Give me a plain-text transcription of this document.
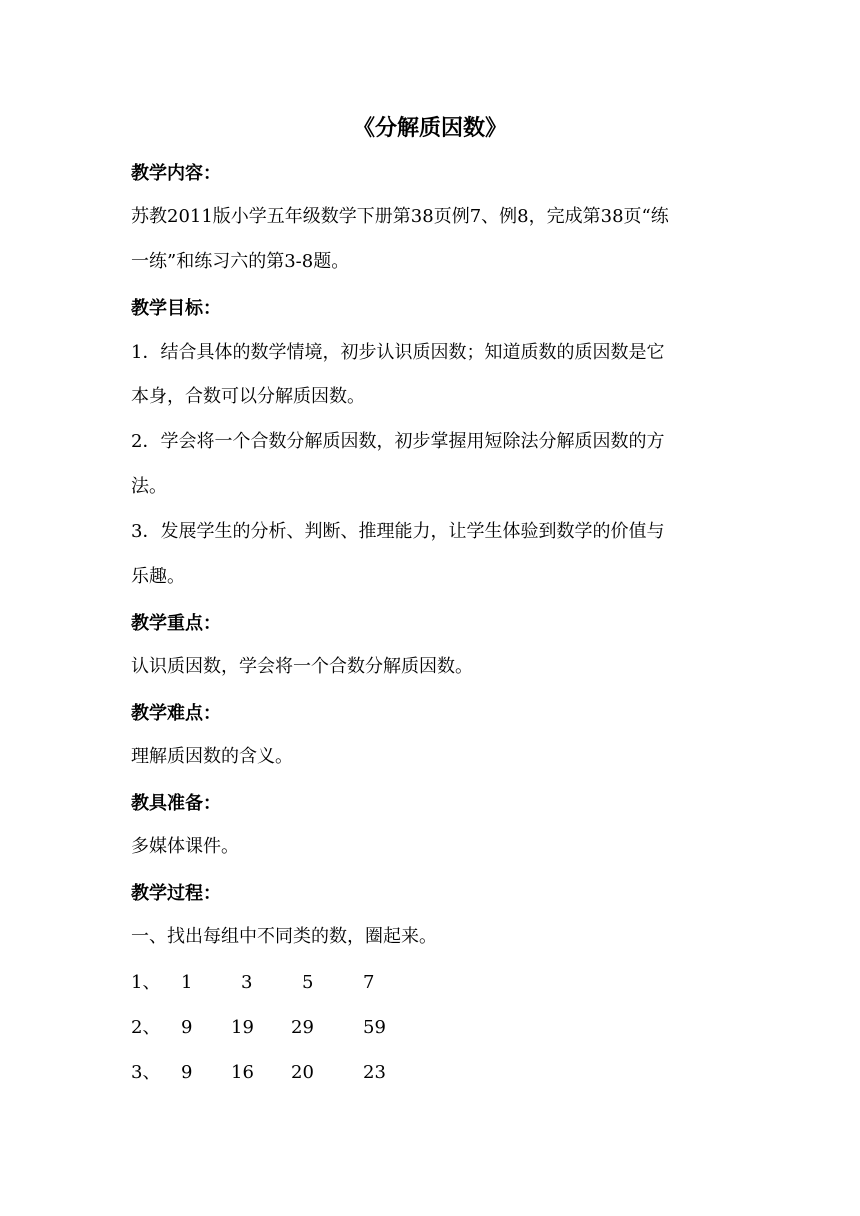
《分解质因数》
教学内容：
苏教2011版小学五年级数学下册第38页例7、例8，完成第38页“练
一练”和练习六的第3-8题。
教学目标：
1．结合具体的数学情境，初步认识质因数；知道质数的质因数是它
本身，合数可以分解质因数。
2．学会将一个合数分解质因数，初步掌握用短除法分解质因数的方
法。
3．发展学生的分析、判断、推理能力，让学生体验到数学的价值与
乐趣。
教学重点：
认识质因数，学会将一个合数分解质因数。
教学难点：
理解质因数的含义。
教具准备：
多媒体课件。
教学过程：
一、找出每组中不同类的数，圈起来。
1、 1	3	5	7
2、 9 19 29	59
3、 9 16 20	23
